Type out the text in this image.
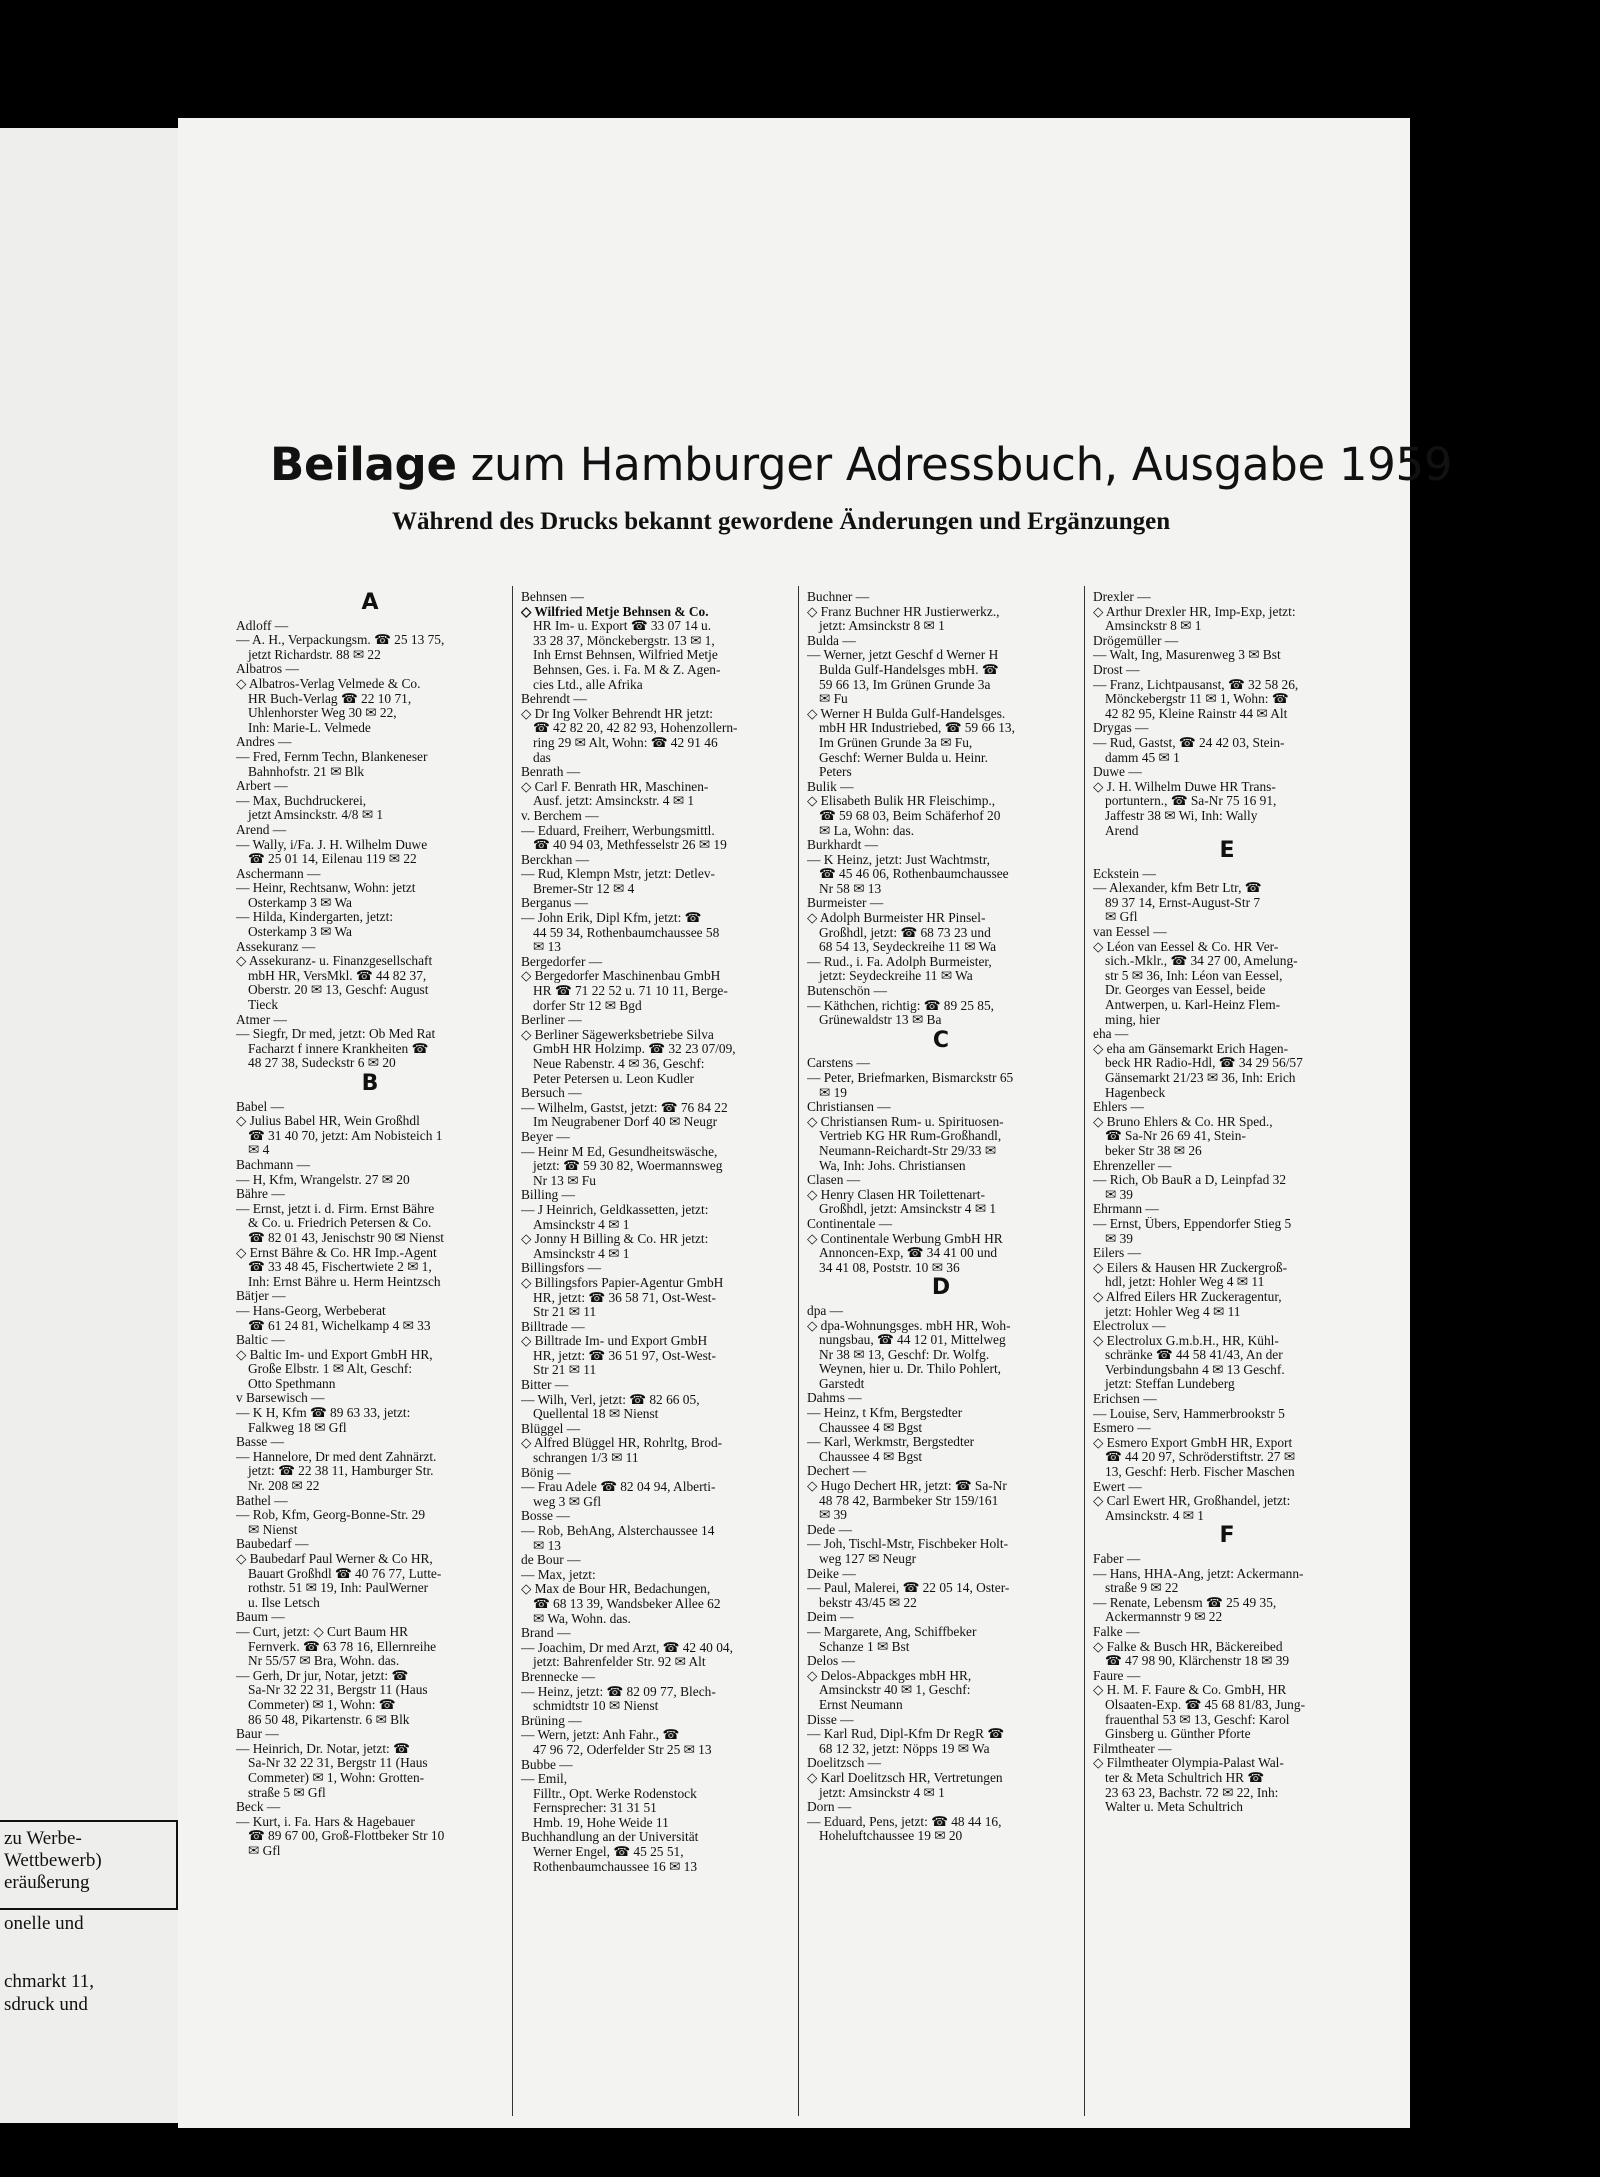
zu Werbe-
Wettbewerb)
eräußerung
onelle und
chmarkt 11,
sdruck und
Beilage zum Hamburger Adressbuch, Ausgabe 1959
Während des Drucks bekannt gewordene Änderungen und Ergänzungen
A
Adloff —
— A. H., Verpackungsm. ☎ 25 13 75,
jetzt Richardstr. 88 ✉ 22
Albatros —
◇ Albatros-Verlag Velmede & Co.
HR Buch-Verlag ☎ 22 10 71,
Uhlenhorster Weg 30 ✉ 22,
Inh: Marie-L. Velmede
Andres —
— Fred, Fernm Techn, Blankeneser
Bahnhofstr. 21 ✉ Blk
Arbert —
— Max, Buchdruckerei,
jetzt Amsinckstr. 4/8 ✉ 1
Arend —
— Wally, i/Fa. J. H. Wilhelm Duwe
☎ 25 01 14, Eilenau 119 ✉ 22
Aschermann —
— Heinr, Rechtsanw, Wohn: jetzt
Osterkamp 3 ✉ Wa
— Hilda, Kindergarten, jetzt:
Osterkamp 3 ✉ Wa
Assekuranz —
◇ Assekuranz- u. Finanzgesellschaft
mbH HR, VersMkl. ☎ 44 82 37,
Oberstr. 20 ✉ 13, Geschf: August
Tieck
Atmer —
— Siegfr, Dr med, jetzt: Ob Med Rat
Facharzt f innere Krankheiten ☎
48 27 38, Sudeckstr 6 ✉ 20
B
Babel —
◇ Julius Babel HR, Wein Großhdl
☎ 31 40 70, jetzt: Am Nobisteich 1
✉ 4
Bachmann —
— H, Kfm, Wrangelstr. 27 ✉ 20
Bähre —
— Ernst, jetzt i. d. Firm. Ernst Bähre
& Co. u. Friedrich Petersen & Co.
☎ 82 01 43, Jenischstr 90 ✉ Nienst
◇ Ernst Bähre & Co. HR Imp.-Agent
☎ 33 48 45, Fischertwiete 2 ✉ 1,
Inh: Ernst Bähre u. Herm Heintzsch
Bätjer —
— Hans-Georg, Werbeberat
☎ 61 24 81, Wichelkamp 4 ✉ 33
Baltic —
◇ Baltic Im- und Export GmbH HR,
Große Elbstr. 1 ✉ Alt, Geschf:
Otto Spethmann
v Barsewisch —
— K H, Kfm ☎ 89 63 33, jetzt:
Falkweg 18 ✉ Gfl
Basse —
— Hannelore, Dr med dent Zahnärzt.
jetzt: ☎ 22 38 11, Hamburger Str.
Nr. 208 ✉ 22
Bathel —
— Rob, Kfm, Georg-Bonne-Str. 29
✉ Nienst
Baubedarf —
◇ Baubedarf Paul Werner & Co HR,
Bauart Großhdl ☎ 40 76 77, Lutte-
rothstr. 51 ✉ 19, Inh: PaulWerner
u. Ilse Letsch
Baum —
— Curt, jetzt: ◇ Curt Baum HR
Fernverk. ☎ 63 78 16, Ellernreihe
Nr 55/57 ✉ Bra, Wohn. das.
— Gerh, Dr jur, Notar, jetzt: ☎
Sa-Nr 32 22 31, Bergstr 11 (Haus
Commeter) ✉ 1, Wohn: ☎
86 50 48, Pikartenstr. 6 ✉ Blk
Baur —
— Heinrich, Dr. Notar, jetzt: ☎
Sa-Nr 32 22 31, Bergstr 11 (Haus
Commeter) ✉ 1, Wohn: Grotten-
straße 5 ✉ Gfl
Beck —
— Kurt, i. Fa. Hars & Hagebauer
☎ 89 67 00, Groß-Flottbeker Str 10
✉ Gfl
Behnsen —
◇ Wilfried Metje Behnsen & Co.
HR Im- u. Export ☎ 33 07 14 u.
33 28 37, Mönckebergstr. 13 ✉ 1,
Inh Ernst Behnsen, Wilfried Metje
Behnsen, Ges. i. Fa. M & Z. Agen-
cies Ltd., alle Afrika
Behrendt —
◇ Dr Ing Volker Behrendt HR jetzt:
☎ 42 82 20, 42 82 93, Hohenzollern-
ring 29 ✉ Alt, Wohn: ☎ 42 91 46
das
Benrath —
◇ Carl F. Benrath HR, Maschinen-
Ausf. jetzt: Amsinckstr. 4 ✉ 1
v. Berchem —
— Eduard, Freiherr, Werbungsmittl.
☎ 40 94 03, Methfesselstr 26 ✉ 19
Berckhan —
— Rud, Klempn Mstr, jetzt: Detlev-
Bremer-Str 12 ✉ 4
Berganus —
— John Erik, Dipl Kfm, jetzt: ☎
44 59 34, Rothenbaumchaussee 58
✉ 13
Bergedorfer —
◇ Bergedorfer Maschinenbau GmbH
HR ☎ 71 22 52 u. 71 10 11, Berge-
dorfer Str 12 ✉ Bgd
Berliner —
◇ Berliner Sägewerksbetriebe Silva
GmbH HR Holzimp. ☎ 32 23 07/09,
Neue Rabenstr. 4 ✉ 36, Geschf:
Peter Petersen u. Leon Kudler
Bersuch —
— Wilhelm, Gastst, jetzt: ☎ 76 84 22
Im Neugrabener Dorf 40 ✉ Neugr
Beyer —
— Heinr M Ed, Gesundheitswäsche,
jetzt: ☎ 59 30 82, Woermannsweg
Nr 13 ✉ Fu
Billing —
— J Heinrich, Geldkassetten, jetzt:
Amsinckstr 4 ✉ 1
◇ Jonny H Billing & Co. HR jetzt:
Amsinckstr 4 ✉ 1
Billingsfors —
◇ Billingsfors Papier-Agentur GmbH
HR, jetzt: ☎ 36 58 71, Ost-West-
Str 21 ✉ 11
Billtrade —
◇ Billtrade Im- und Export GmbH
HR, jetzt: ☎ 36 51 97, Ost-West-
Str 21 ✉ 11
Bitter —
— Wilh, Verl, jetzt: ☎ 82 66 05,
Quellental 18 ✉ Nienst
Blüggel —
◇ Alfred Blüggel HR, Rohrltg, Brod-
schrangen 1/3 ✉ 11
Bönig —
— Frau Adele ☎ 82 04 94, Alberti-
weg 3 ✉ Gfl
Bosse —
— Rob, BehAng, Alsterchaussee 14
✉ 13
de Bour —
— Max, jetzt:
◇ Max de Bour HR, Bedachungen,
☎ 68 13 39, Wandsbeker Allee 62
✉ Wa, Wohn. das.
Brand —
— Joachim, Dr med Arzt, ☎ 42 40 04,
jetzt: Bahrenfelder Str. 92 ✉ Alt
Brennecke —
— Heinz, jetzt: ☎ 82 09 77, Blech-
schmidtstr 10 ✉ Nienst
Brüning —
— Wern, jetzt: Anh Fahr., ☎
47 96 72, Oderfelder Str 25 ✉ 13
Bubbe —
— Emil,
Filltr., Opt. Werke Rodenstock
Fernsprecher: 31 31 51
Hmb. 19, Hohe Weide 11
Buchhandlung an der Universität
Werner Engel, ☎ 45 25 51,
Rothenbaumchaussee 16 ✉ 13
Buchner —
◇ Franz Buchner HR Justierwerkz.,
jetzt: Amsinckstr 8 ✉ 1
Bulda —
— Werner, jetzt Geschf d Werner H
Bulda Gulf-Handelsges mbH. ☎
59 66 13, Im Grünen Grunde 3a
✉ Fu
◇ Werner H Bulda Gulf-Handelsges.
mbH HR Industriebed, ☎ 59 66 13,
Im Grünen Grunde 3a ✉ Fu,
Geschf: Werner Bulda u. Heinr.
Peters
Bulik —
◇ Elisabeth Bulik HR Fleischimp.,
☎ 59 68 03, Beim Schäferhof 20
✉ La, Wohn: das.
Burkhardt —
— K Heinz, jetzt: Just Wachtmstr,
☎ 45 46 06, Rothenbaumchaussee
Nr 58 ✉ 13
Burmeister —
◇ Adolph Burmeister HR Pinsel-
Großhdl, jetzt: ☎ 68 73 23 und
68 54 13, Seydeckreihe 11 ✉ Wa
— Rud., i. Fa. Adolph Burmeister,
jetzt: Seydeckreihe 11 ✉ Wa
Butenschön —
— Käthchen, richtig: ☎ 89 25 85,
Grünewaldstr 13 ✉ Ba
C
Carstens —
— Peter, Briefmarken, Bismarckstr 65
✉ 19
Christiansen —
◇ Christiansen Rum- u. Spirituosen-
Vertrieb KG HR Rum-Großhandl,
Neumann-Reichardt-Str 29/33 ✉
Wa, Inh: Johs. Christiansen
Clasen —
◇ Henry Clasen HR Toilettenart-
Großhdl, jetzt: Amsinckstr 4 ✉ 1
Continentale —
◇ Continentale Werbung GmbH HR
Annoncen-Exp, ☎ 34 41 00 und
34 41 08, Poststr. 10 ✉ 36
D
dpa —
◇ dpa-Wohnungsges. mbH HR, Woh-
nungsbau, ☎ 44 12 01, Mittelweg
Nr 38 ✉ 13, Geschf: Dr. Wolfg.
Weynen, hier u. Dr. Thilo Pohlert,
Garstedt
Dahms —
— Heinz, t Kfm, Bergstedter
Chaussee 4 ✉ Bgst
— Karl, Werkmstr, Bergstedter
Chaussee 4 ✉ Bgst
Dechert —
◇ Hugo Dechert HR, jetzt: ☎ Sa-Nr
48 78 42, Barmbeker Str 159/161
✉ 39
Dede —
— Joh, Tischl-Mstr, Fischbeker Holt-
weg 127 ✉ Neugr
Deike —
— Paul, Malerei, ☎ 22 05 14, Oster-
bekstr 43/45 ✉ 22
Deim —
— Margarete, Ang, Schiffbeker
Schanze 1 ✉ Bst
Delos —
◇ Delos-Abpackges mbH HR,
Amsinckstr 40 ✉ 1, Geschf:
Ernst Neumann
Disse —
— Karl Rud, Dipl-Kfm Dr RegR ☎
68 12 32, jetzt: Nöpps 19 ✉ Wa
Doelitzsch —
◇ Karl Doelitzsch HR, Vertretungen
jetzt: Amsinckstr 4 ✉ 1
Dorn —
— Eduard, Pens, jetzt: ☎ 48 44 16,
Hoheluftchaussee 19 ✉ 20
Drexler —
◇ Arthur Drexler HR, Imp-Exp, jetzt:
Amsinckstr 8 ✉ 1
Drögemüller —
— Walt, Ing, Masurenweg 3 ✉ Bst
Drost —
— Franz, Lichtpausanst, ☎ 32 58 26,
Mönckebergstr 11 ✉ 1, Wohn: ☎
42 82 95, Kleine Rainstr 44 ✉ Alt
Drygas —
— Rud, Gastst, ☎ 24 42 03, Stein-
damm 45 ✉ 1
Duwe —
◇ J. H. Wilhelm Duwe HR Trans-
portuntern., ☎ Sa-Nr 75 16 91,
Jaffestr 38 ✉ Wi, Inh: Wally
Arend
E
Eckstein —
— Alexander, kfm Betr Ltr, ☎
89 37 14, Ernst-August-Str 7
✉ Gfl
van Eessel —
◇ Léon van Eessel & Co. HR Ver-
sich.-Mklr., ☎ 34 27 00, Amelung-
str 5 ✉ 36, Inh: Léon van Eessel,
Dr. Georges van Eessel, beide
Antwerpen, u. Karl-Heinz Flem-
ming, hier
eha —
◇ eha am Gänsemarkt Erich Hagen-
beck HR Radio-Hdl, ☎ 34 29 56/57
Gänsemarkt 21/23 ✉ 36, Inh: Erich
Hagenbeck
Ehlers —
◇ Bruno Ehlers & Co. HR Sped.,
☎ Sa-Nr 26 69 41, Stein-
beker Str 38 ✉ 26
Ehrenzeller —
— Rich, Ob BauR a D, Leinpfad 32
✉ 39
Ehrmann —
— Ernst, Übers, Eppendorfer Stieg 5
✉ 39
Eilers —
◇ Eilers & Hausen HR Zuckergroß-
hdl, jetzt: Hohler Weg 4 ✉ 11
◇ Alfred Eilers HR Zuckeragentur,
jetzt: Hohler Weg 4 ✉ 11
Electrolux —
◇ Electrolux G.m.b.H., HR, Kühl-
schränke ☎ 44 58 41/43, An der
Verbindungsbahn 4 ✉ 13 Geschf.
jetzt: Steffan Lundeberg
Erichsen —
— Louise, Serv, Hammerbrookstr 5
Esmero —
◇ Esmero Export GmbH HR, Export
☎ 44 20 97, Schröderstiftstr. 27 ✉
13, Geschf: Herb. Fischer Maschen
Ewert —
◇ Carl Ewert HR, Großhandel, jetzt:
Amsinckstr. 4 ✉ 1
F
Faber —
— Hans, HHA-Ang, jetzt: Ackermann-
straße 9 ✉ 22
— Renate, Lebensm ☎ 25 49 35,
Ackermannstr 9 ✉ 22
Falke —
◇ Falke & Busch HR, Bäckereibed
☎ 47 98 90, Klärchenstr 18 ✉ 39
Faure —
◇ H. M. F. Faure & Co. GmbH, HR
Olsaaten-Exp. ☎ 45 68 81/83, Jung-
frauenthal 53 ✉ 13, Geschf: Karol
Ginsberg u. Günther Pforte
Filmtheater —
◇ Filmtheater Olympia-Palast Wal-
ter & Meta Schultrich HR ☎
23 63 23, Bachstr. 72 ✉ 22, Inh:
Walter u. Meta Schultrich
